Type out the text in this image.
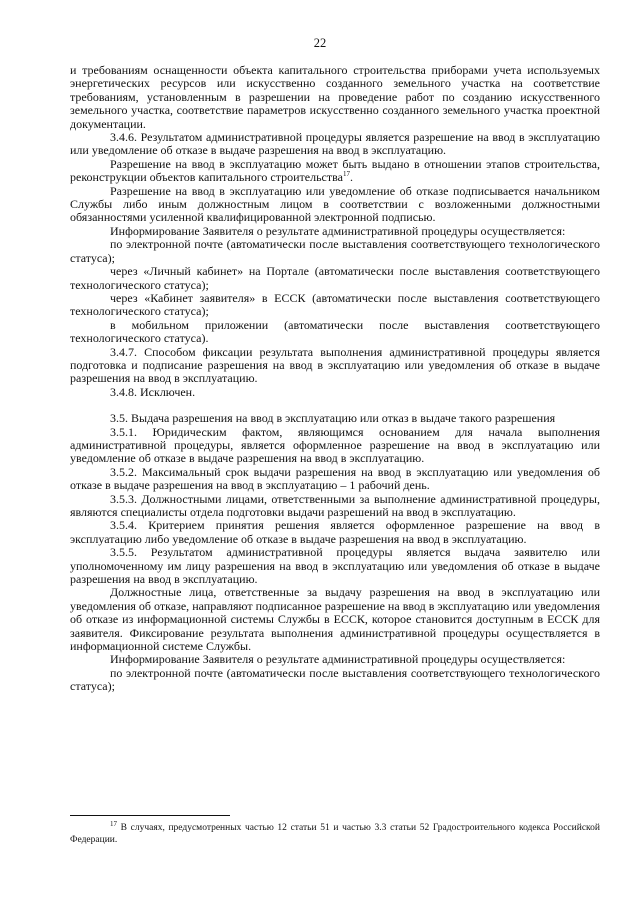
22

и требованиям оснащенности объекта капитального строительства приборами учета используемых энергетических ресурсов или искусственно созданного земельного участка на соответствие требованиям, установленным в разрешении на проведение работ по созданию искусственного земельного участка, соответствие параметров искусственно созданного земельного участка проектной документации.

3.4.6. Результатом административной процедуры является разрешение на ввод в эксплуатацию или уведомление об отказе в выдаче разрешения на ввод в эксплуатацию.

Разрешение на ввод в эксплуатацию может быть выдано в отношении этапов строительства, реконструкции объектов капитального строительства$^{17}$.

Разрешение на ввод в эксплуатацию или уведомление об отказе подписывается начальником Службы либо иным должностным лицом в соответствии с возложенными должностными обязанностями усиленной квалифицированной электронной подписью.

Информирование Заявителя о результате административной процедуры осуществляется:

по электронной почте (автоматически после выставления соответствующего технологического статуса);

через «Личный кабинет» на Портале (автоматически после выставления соответствующего технологического статуса);

через «Кабинет заявителя» в ЕССК (автоматически после выставления соответствующего технологического статуса);

в мобильном приложении (автоматически после выставления соответствующего технологического статуса).

3.4.7. Способом фиксации результата выполнения административной процедуры является подготовка и подписание разрешения на ввод в эксплуатацию или уведомления об отказе в выдаче разрешения на ввод в эксплуатацию.

3.4.8. Исключен.

3.5. Выдача разрешения на ввод в эксплуатацию или отказ в выдаче такого разрешения

3.5.1. Юридическим фактом, являющимся основанием для начала выполнения административной процедуры, является оформленное разрешение на ввод в эксплуатацию или уведомление об отказе в выдаче разрешения на ввод в эксплуатацию.

3.5.2. Максимальный срок выдачи разрешения на ввод в эксплуатацию или уведомления об отказе в выдаче разрешения на ввод в эксплуатацию – 1 рабочий день.

3.5.3. Должностными лицами, ответственными за выполнение административной процедуры, являются специалисты отдела подготовки выдачи разрешений на ввод в эксплуатацию.

3.5.4. Критерием принятия решения является оформленное разрешение на ввод в эксплуатацию либо уведомление об отказе в выдаче разрешения на ввод в эксплуатацию.

3.5.5. Результатом административной процедуры является выдача заявителю или уполномоченному им лицу разрешения на ввод в эксплуатацию или уведомления об отказе в выдаче разрешения на ввод в эксплуатацию.

Должностные лица, ответственные за выдачу разрешения на ввод в эксплуатацию или уведомления об отказе, направляют подписанное разрешение на ввод в эксплуатацию или уведомления об отказе из информационной системы Службы в ЕССК, которое становится доступным в ЕССК для заявителя. Фиксирование результата выполнения административной процедуры осуществляется в информационной системе Службы.

Информирование Заявителя о результате административной процедуры осуществляется:

по электронной почте (автоматически после выставления соответствующего технологического статуса);

$^{17}$ В случаях, предусмотренных частью 12 статьи 51 и частью 3.3 статьи 52 Градостроительного кодекса Российской Федерации.
